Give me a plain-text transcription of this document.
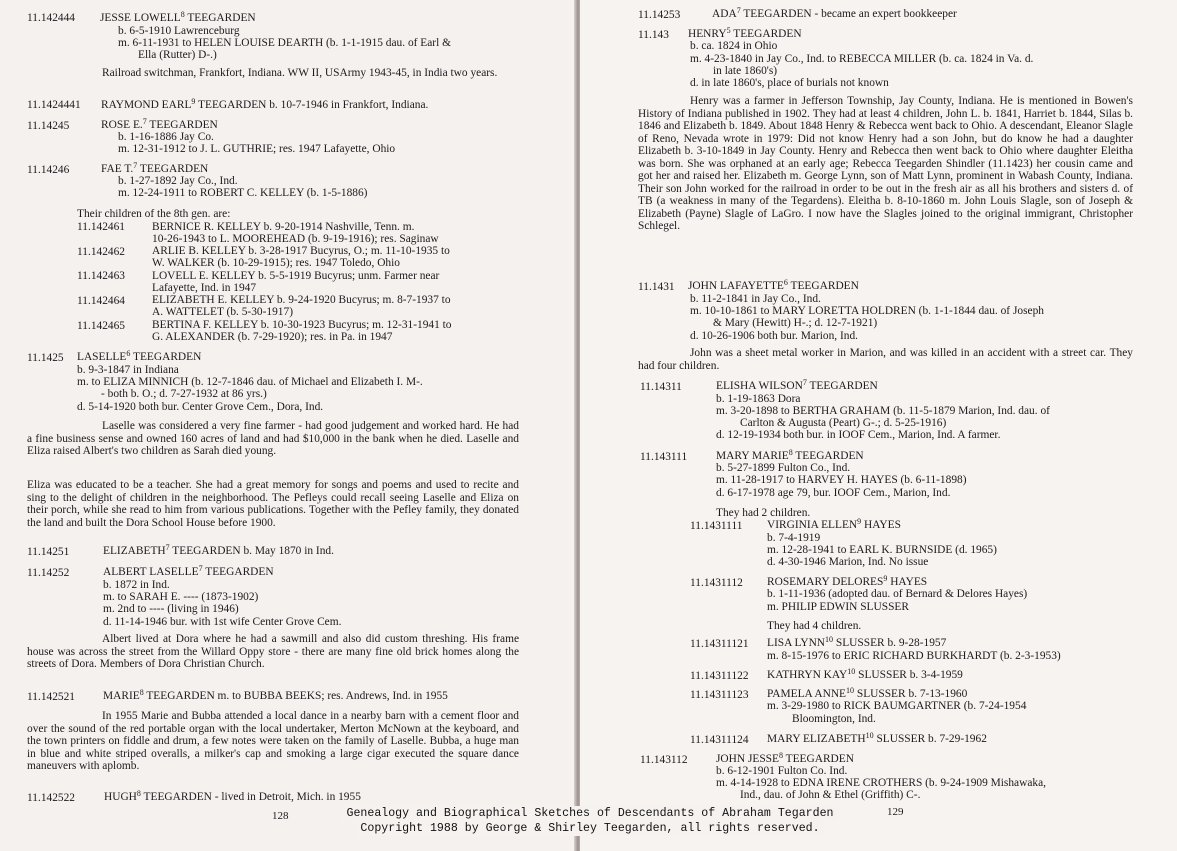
11.142444 JESSE LOWELL$^8$ TEEGARDEN
b. 6-5-1910 Lawrenceburg
m. 6-11-1931 to HELEN LOUISE DEARTH (b. 1-1-1915 dau. of Earl &
Ella (Rutter) D-.)

Railroad switchman, Frankfort, Indiana. WW II, USArmy 1943-45, in India two years.

11.1424441 RAYMOND EARL$^9$ TEEGARDEN b. 10-7-1946 in Frankfort, Indiana.
11.14245	ROSE E.$^7$ TEEGARDEN
b. 1-16-1886 Jay Co.
m. 12-31-1912 to J. L. GUTHRIE; res. 1947 Lafayette, Ohio
11.14246	FAE T.$^7$ TEEGARDEN
b. 1-27-1892 Jay Co., Ind.
m. 12-24-1911 to ROBERT C. KELLEY (b. 1-5-1886)
Their children of the 8th gen. are:
11.142461 BERNICE R. KELLEY b. 9-20-1914 Nashville, Tenn. m.
10-26-1943 to L. MOOREHEAD (b. 9-19-1916); res. Saginaw
11.142462 ARLIE B. KELLEY b. 3-28-1917 Bucyrus, O.; m. 11-10-1935 to
W. WALKER (b. 10-29-1915); res. 1947 Toledo, Ohio
11.142463 LOVELL E. KELLEY b. 5-5-1919 Bucyrus; unm. Farmer near
Lafayette, Ind. in 1947
11.142464 ELIZABETH E. KELLEY b. 9-24-1920 Bucyrus; m. 8-7-1937 to
A. WATTELET (b. 5-30-1917)
11.142465 BERTINA F. KELLEY b. 10-30-1923 Bucyrus; m. 12-31-1941 to
G. ALEXANDER (b. 7-29-1920); res. in Pa. in 1947
11.1425 LASELLE$^6$ TEEGARDEN
b. 9-3-1847 in Indiana
m. to ELIZA MINNICH (b. 12-7-1846 dau. of Michael and Elizabeth I. M-.
- both b. O.; d. 7-27-1932 at 86 yrs.)
d. 5-14-1920 both bur. Center Grove Cem., Dora, Ind.

Laselle was considered a very fine farmer - had good judgement and worked hard. He had a fine business sense and owned 160 acres of land and had $10,000 in the bank when he died. Laselle and Eliza raised Albert's two children as Sarah died young.

Eliza was educated to be a teacher. She had a great memory for songs and poems and used to recite and sing to the delight of children in the neighborhood. The Pefleys could recall seeing Laselle and Eliza on their porch, while she read to him from various publications. Together with the Pefley family, they donated the land and built the Dora School House before 1900.

11.14251	ELIZABETH$^7$ TEEGARDEN b. May 1870 in Ind.
11.14252	ALBERT LASELLE$^7$ TEEGARDEN
b. 1872 in Ind.
m. to SARAH E. ---- (1873-1902)
m. 2nd to ---- (living in 1946)
d. 11-14-1946 bur. with 1st wife Center Grove Cem.

Albert lived at Dora where he had a sawmill and also did custom threshing. His frame house was across the street from the Willard Oppy store - there are many fine old brick homes along the streets of Dora. Members of Dora Christian Church.

11.142521 MARIE$^8$ TEEGARDEN m. to BUBBA BEEKS; res. Andrews, Ind. in 1955

In 1955 Marie and Bubba attended a local dance in a nearby barn with a cement floor and over the sound of the red portable organ with the local undertaker, Merton McNown at the keyboard, and the town printers on fiddle and drum, a few notes were taken on the family of Laselle. Bubba, a huge man in blue and white striped overalls, a milker's cap and smoking a large cigar executed the square dance maneuvers with aplomb.

11.142522	HUGH$^8$ TEEGARDEN - lived in Detroit, Mich. in 1955
128
11.14253	ADA$^7$ TEEGARDEN - became an expert bookkeeper
11.143 HENRY$^5$ TEEGARDEN
b. ca. 1824 in Ohio
m. 4-23-1840 in Jay Co., Ind. to REBECCA MILLER (b. ca. 1824 in Va. d.
in late 1860's)
d. in late 1860's, place of burials not known

Henry was a farmer in Jefferson Township, Jay County, Indiana. He is mentioned in Bowen's History of Indiana published in 1902. They had at least 4 children, John L. b. 1841, Harriet b. 1844, Silas b. 1846 and Elizabeth b. 1849. About 1848 Henry & Rebecca went back to Ohio. A descendant, Eleanor Slagle of Reno, Nevada wrote in 1979: Did not know Henry had a son John, but do know he had a daughter Elizabeth b. 3-10-1849 in Jay County. Henry and Rebecca then went back to Ohio where daughter Eleitha was born. She was orphaned at an early age; Rebecca Teegarden Shindler (11.1423) her cousin came and got her and raised her. Elizabeth m. George Lynn, son of Matt Lynn, prominent in Wabash County, Indiana. Their son John worked for the railroad in order to be out in the fresh air as all his brothers and sisters d. of TB (a weakness in many of the Tegardens). Eleitha b. 8-10-1860 m. John Louis Slagle, son of Joseph & Elizabeth (Payne) Slagle of LaGro. I now have the Slagles joined to the original immigrant, Christopher Schlegel.

11.1431 JOHN LAFAYETTE$^6$ TEEGARDEN
b. 11-2-1841 in Jay Co., Ind.
m. 10-10-1861 to MARY LORETTA HOLDREN (b. 1-1-1844 dau. of Joseph
& Mary (Hewitt) H-.; d. 12-7-1921)
d. 10-26-1906 both bur. Marion, Ind.

John was a sheet metal worker in Marion, and was killed in an accident with a street car. They had four children.

11.14311	ELISHA WILSON$^7$ TEEGARDEN
b. 1-19-1863 Dora
m. 3-20-1898 to BERTHA GRAHAM (b. 11-5-1879 Marion, Ind. dau. of
Carlton & Augusta (Peart) G-.; d. 5-25-1916)
d. 12-19-1934 both bur. in IOOF Cem., Marion, Ind. A farmer.
11.143111	MARY MARIE$^8$ TEEGARDEN
b. 5-27-1899 Fulton Co., Ind.
m. 11-28-1917 to HARVEY H. HAYES (b. 6-11-1898)
d. 6-17-1978 age 79, bur. IOOF Cem., Marion, Ind.
They had 2 children.
11.1431111 VIRGINIA ELLEN$^9$ HAYES
b. 7-4-1919
m. 12-28-1941 to EARL K. BURNSIDE (d. 1965)
d. 4-30-1946 Marion, Ind. No issue
11.1431112 ROSEMARY DELORES$^9$ HAYES
b. 1-11-1936 (adopted dau. of Bernard & Delores Hayes)
m. PHILIP EDWIN SLUSSER
They had 4 children.
11.14311121 LISA LYNN$^{10}$ SLUSSER b. 9-28-1957
m. 8-15-1976 to ERIC RICHARD BURKHARDT (b. 2-3-1953)
11.14311122 KATHRYN KAY$^{10}$ SLUSSER b. 3-4-1959
11.14311123 PAMELA ANNE$^{10}$ SLUSSER b. 7-13-1960
m. 3-29-1980 to RICK BAUMGARTNER (b. 7-24-1954
Bloomington, Ind.
11.14311124 MARY ELIZABETH$^{10}$ SLUSSER b. 7-29-1962
11.143112 JOHN JESSE$^8$ TEEGARDEN
b. 6-12-1901 Fulton Co. Ind.
m. 4-14-1928 to EDNA IRENE CROTHERS (b. 9-24-1909 Mishawaka,
Ind., dau. of John & Ethel (Griffith) C-.
129
Genealogy and Biographical Sketches of Descendants of Abraham Tegarden
Copyright 1988 by George & Shirley Teegarden, all rights reserved.
